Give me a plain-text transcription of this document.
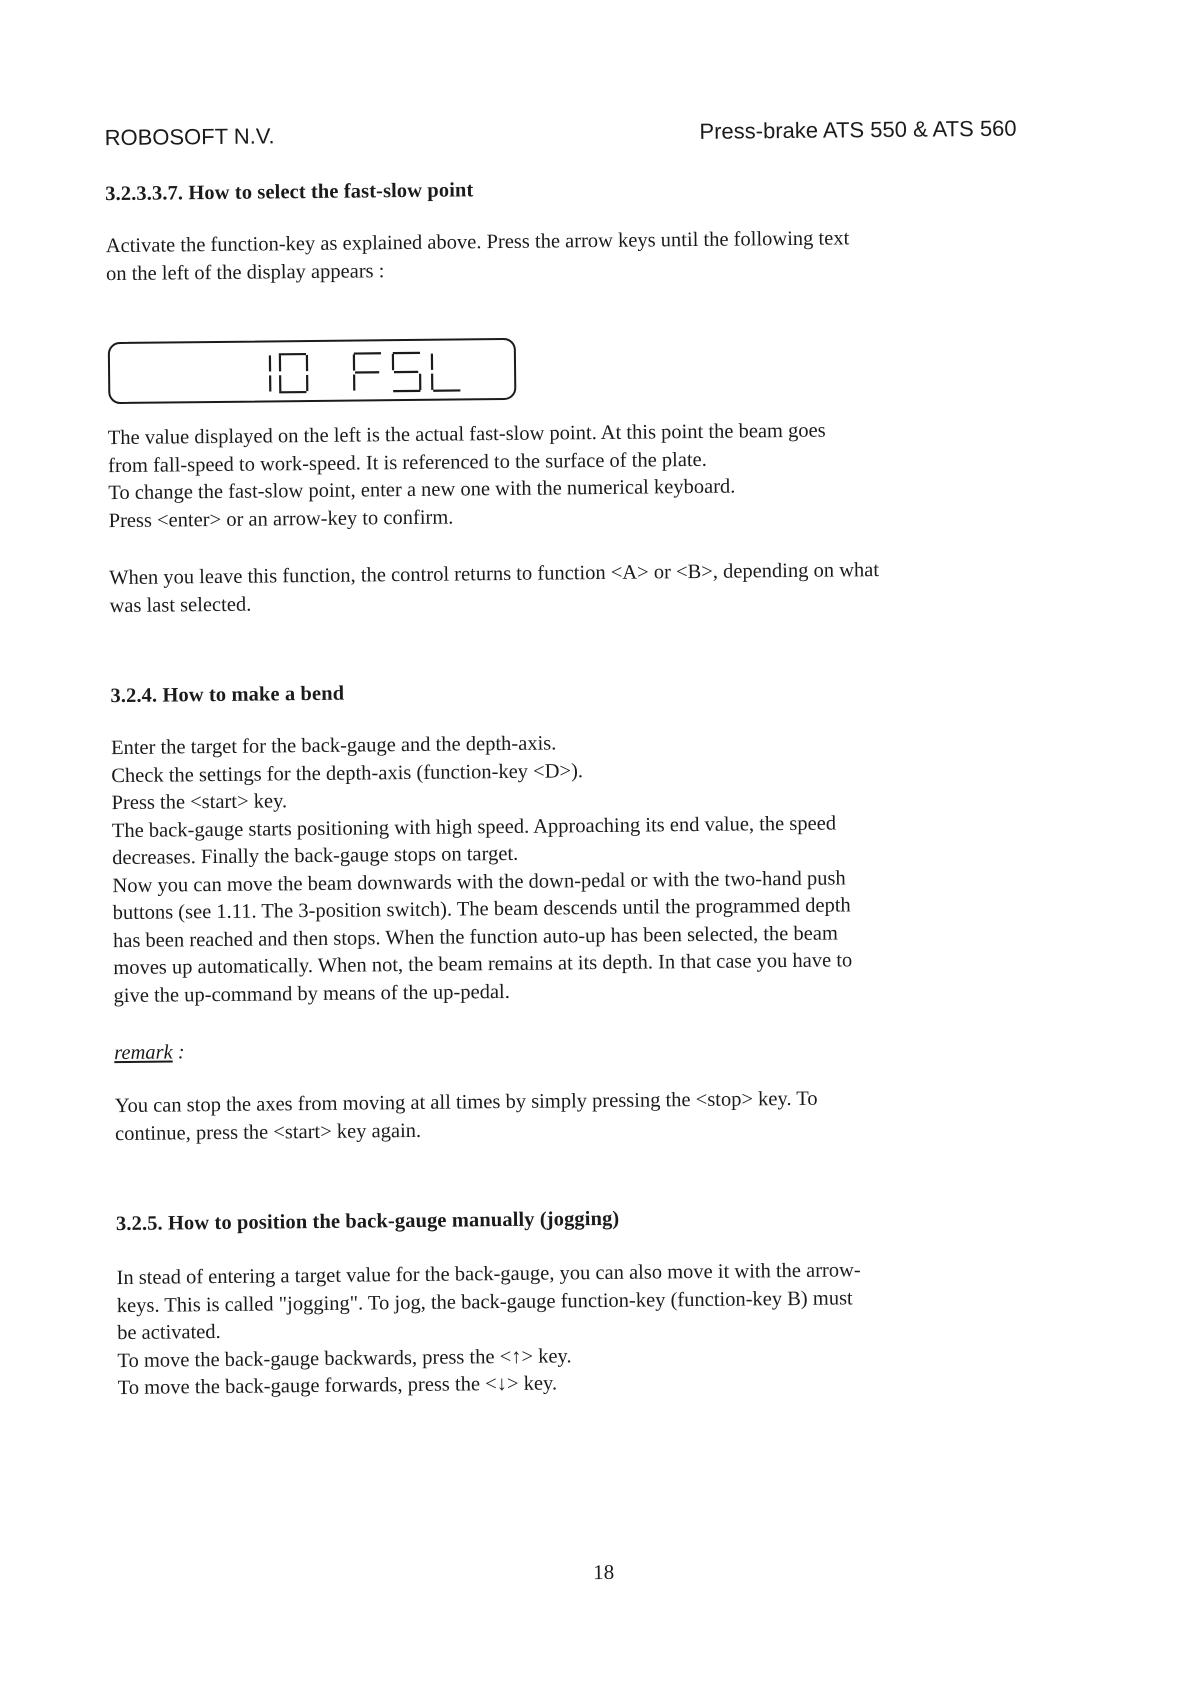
ROBOSOFT N.V.	Press-brake ATS 550 & ATS 560
3.2.3.3.7. How to select the fast-slow point
Activate the function-key as explained above. Press the arrow keys until the following text
on the left of the display appears :
The value displayed on the left is the actual fast-slow point. At this point the beam goes
from fall-speed to work-speed. It is referenced to the surface of the plate.
To change the fast-slow point, enter a new one with the numerical keyboard.
Press <enter> or an arrow-key to confirm.
When you leave this function, the control returns to function <A> or <B>, depending on what
was last selected.
3.2.4. How to make a bend
Enter the target for the back-gauge and the depth-axis.
Check the settings for the depth-axis (function-key <D>).
Press the <start> key.
The back-gauge starts positioning with high speed. Approaching its end value, the speed
decreases. Finally the back-gauge stops on target.
Now you can move the beam downwards with the down-pedal or with the two-hand push
buttons (see 1.11. The 3-position switch). The beam descends until the programmed depth
has been reached and then stops. When the function auto-up has been selected, the beam
moves up automatically. When not, the beam remains at its depth. In that case you have to
give the up-command by means of the up-pedal.
remark :
You can stop the axes from moving at all times by simply pressing the <stop> key. To
continue, press the <start> key again.
3.2.5. How to position the back-gauge manually (jogging)
In stead of entering a target value for the back-gauge, you can also move it with the arrow-
keys. This is called "jogging". To jog, the back-gauge function-key (function-key B) must
be activated.
To move the back-gauge backwards, press the <↑> key.
To move the back-gauge forwards, press the <↓> key.
18
